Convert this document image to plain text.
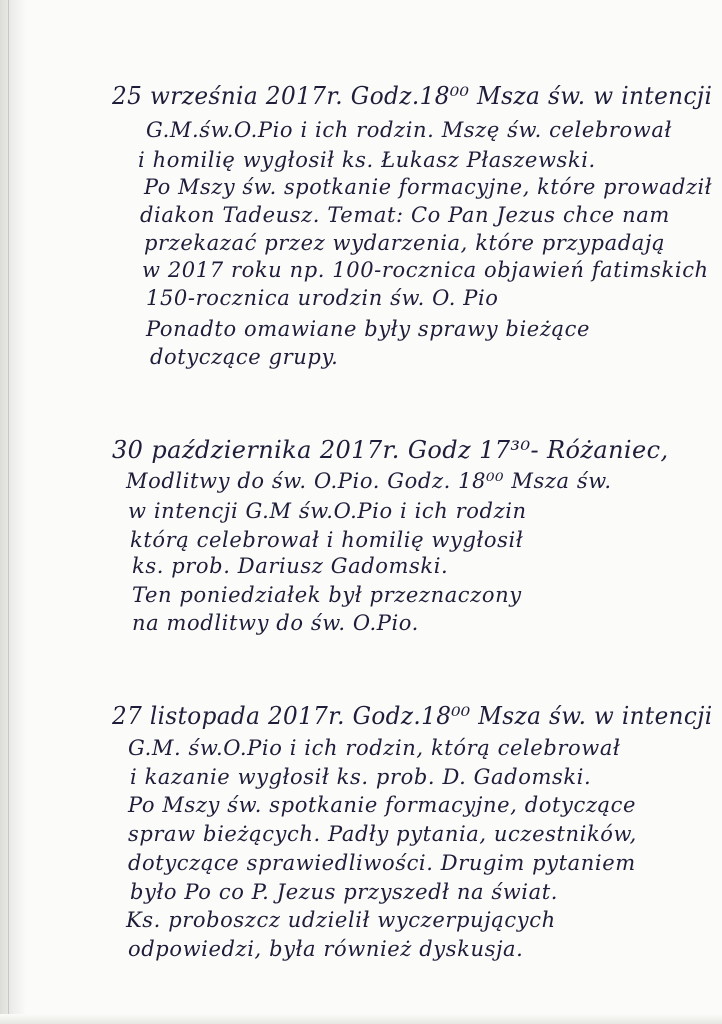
25 września 2017r. Godz.18⁰⁰ Msza św. w intencji
G.M.św.O.Pio i ich rodzin. Mszę św. celebrował
i homilię wygłosił ks. Łukasz Płaszewski.
Po Mszy św. spotkanie formacyjne, które prowadził
diakon Tadeusz. Temat: Co Pan Jezus chce nam
przekazać przez wydarzenia, które przypadają
w 2017 roku np. 100-rocznica objawień fatimskich
150-rocznica urodzin św. O. Pio
Ponadto omawiane były sprawy bieżące
dotyczące grupy.
30 października 2017r. Godz 17³⁰- Różaniec,
Modlitwy do św. O.Pio. Godz. 18⁰⁰ Msza św.
w intencji G.M św.O.Pio i ich rodzin
którą celebrował i homilię wygłosił
ks. prob. Dariusz Gadomski.
Ten poniedziałek był przeznaczony
na modlitwy do św. O.Pio.
27 listopada 2017r. Godz.18⁰⁰ Msza św. w intencji
G.M. św.O.Pio i ich rodzin, którą celebrował
i kazanie wygłosił ks. prob. D. Gadomski.
Po Mszy św. spotkanie formacyjne, dotyczące
spraw bieżących. Padły pytania, uczestników,
dotyczące sprawiedliwości. Drugim pytaniem
było Po co P. Jezus przyszedł na świat.
Ks. proboszcz udzielił wyczerpujących
odpowiedzi, była również dyskusja.
